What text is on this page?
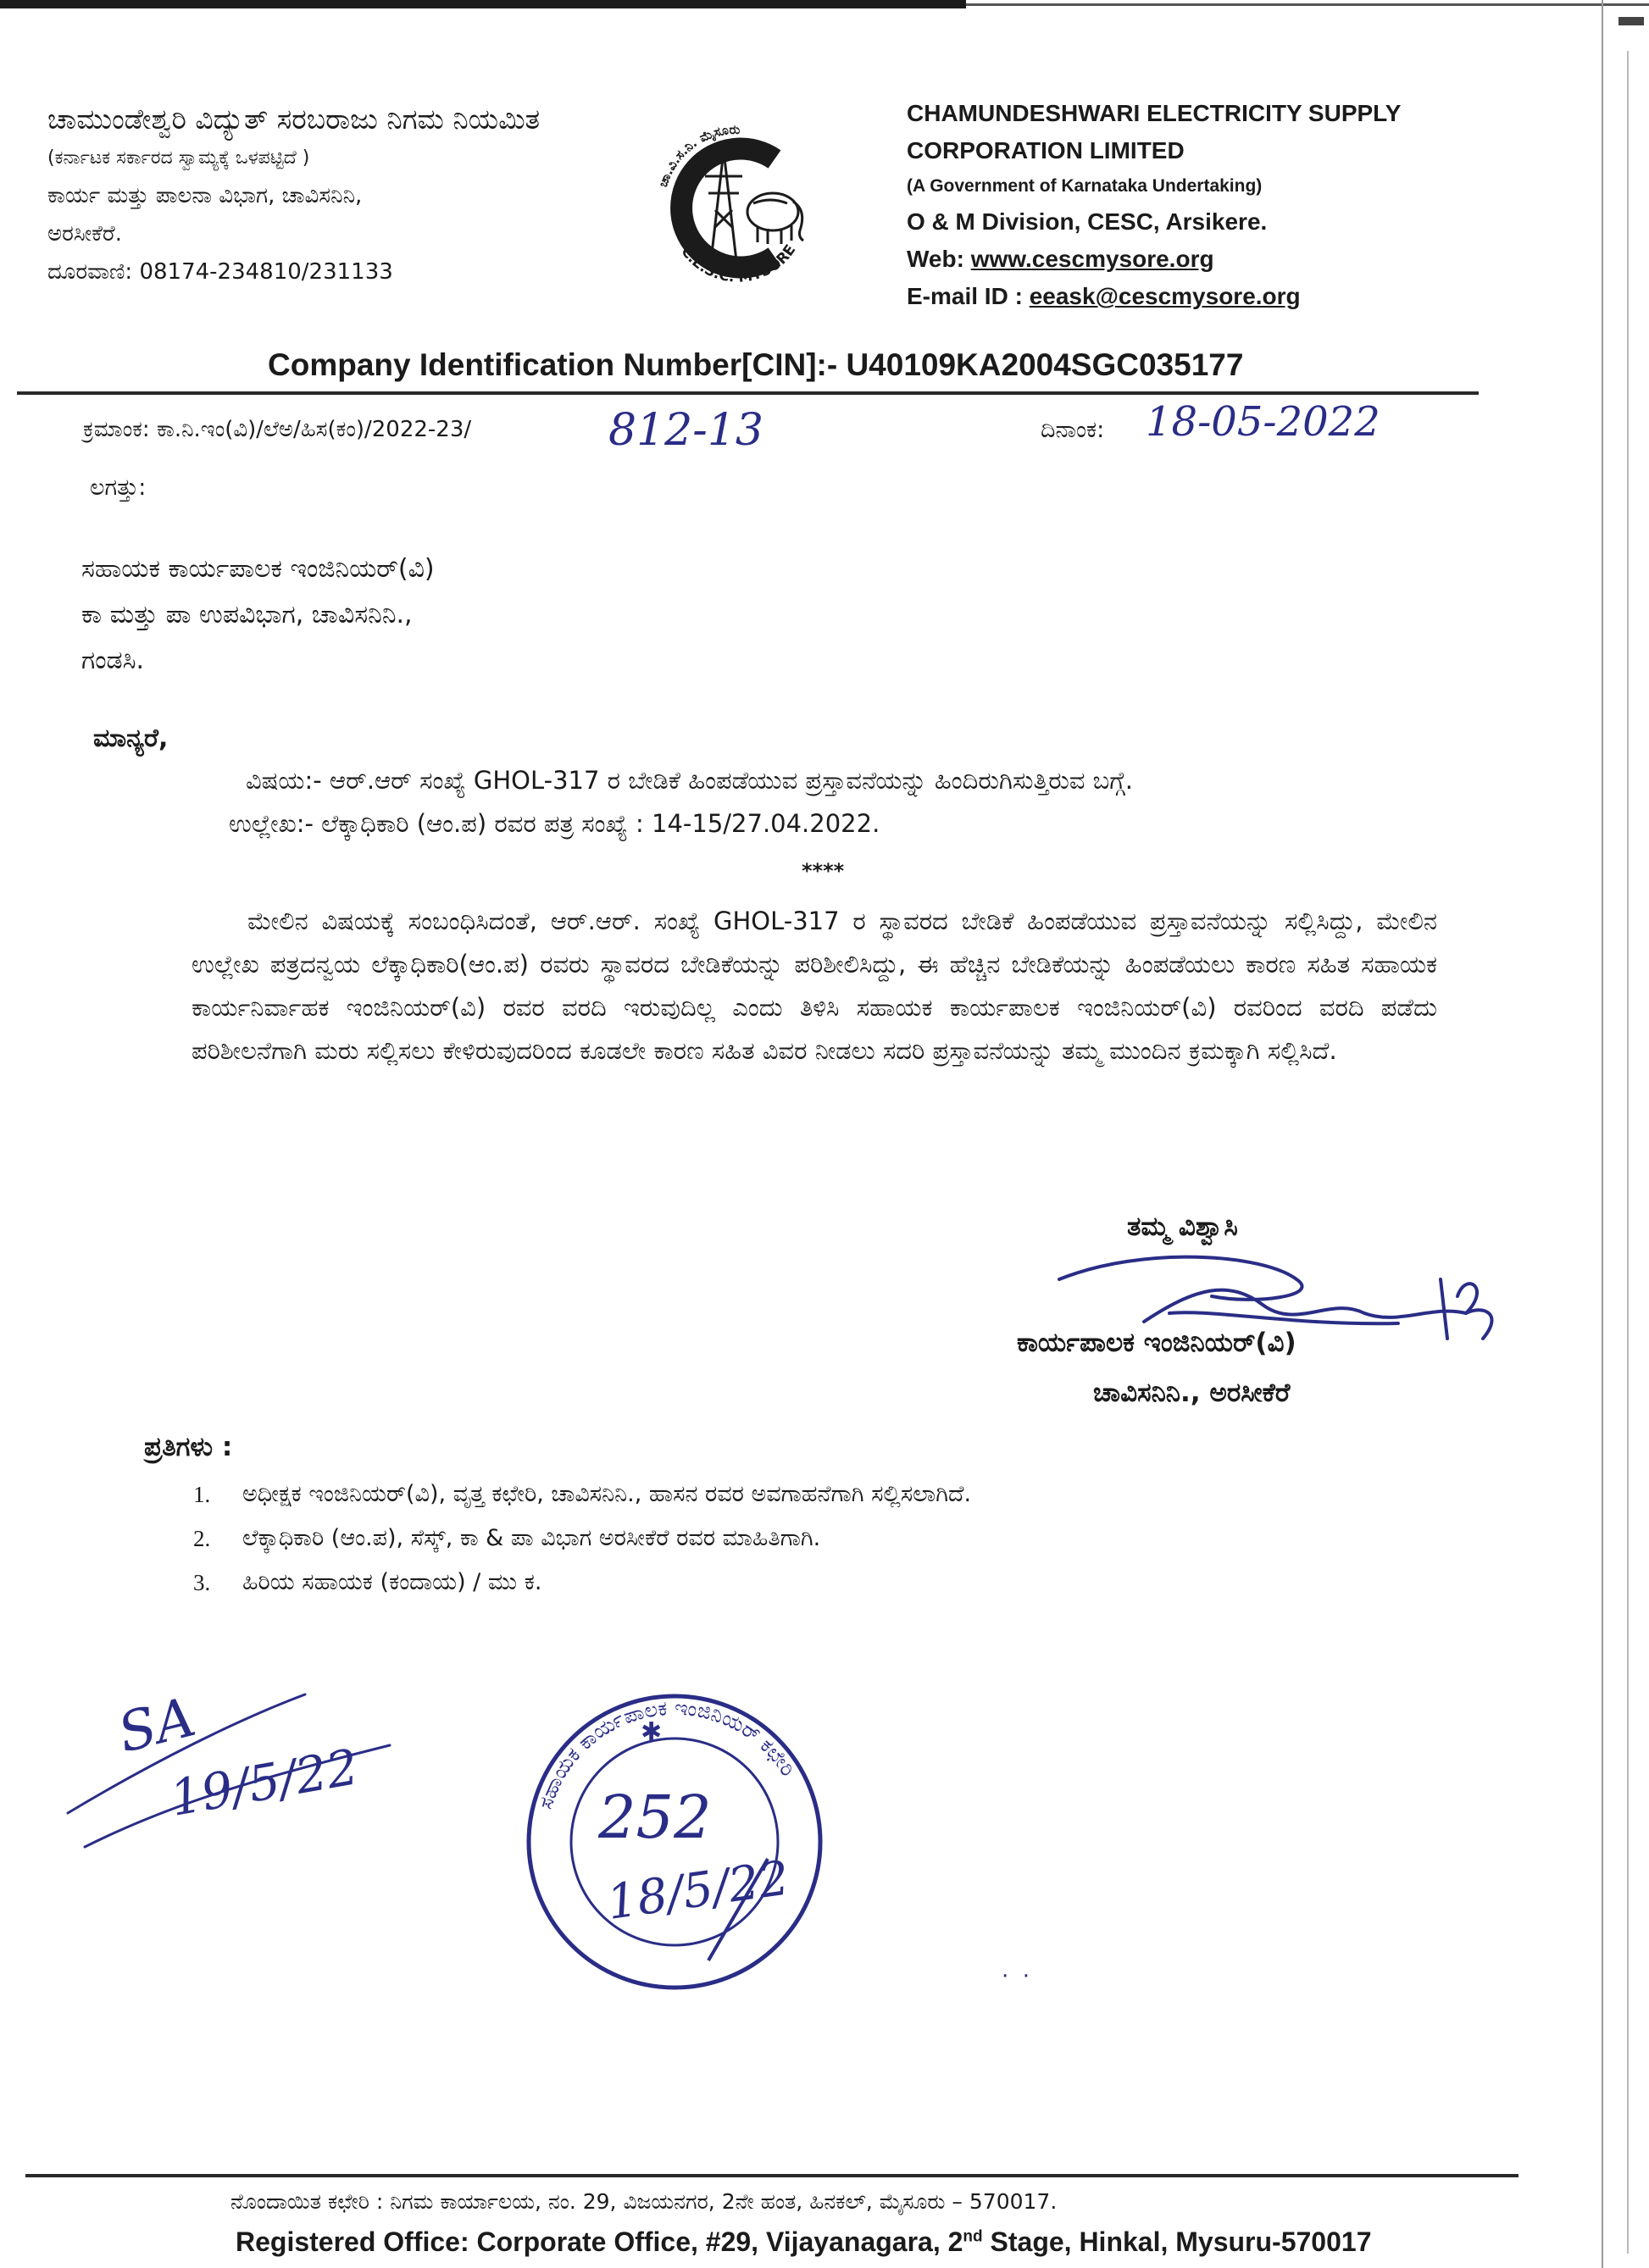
ಚಾಮುಂಡೇಶ್ವರಿ ವಿದ್ಯುತ್ ಸರಬರಾಜು ನಿಗಮ ನಿಯಮಿತ
(ಕರ್ನಾಟಕ ಸರ್ಕಾರದ ಸ್ವಾಮ್ಯಕ್ಕೆ ಒಳಪಟ್ಟಿದೆ )
ಕಾರ್ಯ ಮತ್ತು ಪಾಲನಾ ವಿಭಾಗ, ಚಾವಿಸನಿನಿ,
ಅರಸೀಕೆರೆ.
ದೂರವಾಣಿ: 08174-234810/231133
ಚಾ.ವಿ.ಸ.ನಿ. ಮೈಸೂರು
C.E.S.C. MYSORE
CHAMUNDESHWARI ELECTRICITY SUPPLY
CORPORATION LIMITED
(A Government of Karnataka Undertaking)
O & M Division, CESC, Arsikere.
Web: www.cescmysore.org
E-mail ID : eeask@cescmysore.org
Company Identification Number[CIN]:- U40109KA2004SGC035177
ಕ್ರಮಾಂಕ: ಕಾ.ನಿ.ಇಂ(ವಿ)/ಲೆಅ/ಹಿಸ(ಕಂ)/2022-23/	812-13	ದಿನಾಂಕ: 18-05-2022
ಲಗತ್ತು:
ಸಹಾಯಕ ಕಾರ್ಯಪಾಲಕ ಇಂಜಿನಿಯರ್(ವಿ)
ಕಾ ಮತ್ತು ಪಾ ಉಪವಿಭಾಗ, ಚಾವಿಸನಿನಿ.,
ಗಂಡಸಿ.
ಮಾನ್ಯರೆ,
ವಿಷಯ:- ಆರ್.ಆರ್ ಸಂಖ್ಯೆ GHOL-317 ರ ಬೇಡಿಕೆ ಹಿಂಪಡೆಯುವ ಪ್ರಸ್ತಾವನೆಯನ್ನು ಹಿಂದಿರುಗಿಸುತ್ತಿರುವ ಬಗ್ಗೆ.
ಉಲ್ಲೇಖ:- ಲೆಕ್ಕಾಧಿಕಾರಿ (ಆಂ.ಪ) ರವರ ಪತ್ರ ಸಂಖ್ಯೆ : 14-15/27.04.2022.
****
ಮೇಲಿನ ವಿಷಯಕ್ಕೆ ಸಂಬಂಧಿಸಿದಂತೆ, ಆರ್.ಆರ್. ಸಂಖ್ಯೆ GHOL-317 ರ ಸ್ಥಾವರದ ಬೇಡಿಕೆ ಹಿಂಪಡೆಯುವ ಪ್ರಸ್ತಾವನೆಯನ್ನು ಸಲ್ಲಿಸಿದ್ದು, ಮೇಲಿನ ಉಲ್ಲೇಖ ಪತ್ರದನ್ವಯ ಲೆಕ್ಕಾಧಿಕಾರಿ(ಆಂ.ಪ) ರವರು ಸ್ಥಾವರದ ಬೇಡಿಕೆಯನ್ನು ಪರಿಶೀಲಿಸಿದ್ದು, ಈ ಹೆಚ್ಚಿನ ಬೇಡಿಕೆಯನ್ನು ಹಿಂಪಡೆಯಲು ಕಾರಣ ಸಹಿತ ಸಹಾಯಕ ಕಾರ್ಯನಿರ್ವಾಹಕ ಇಂಜಿನಿಯರ್(ವಿ) ರವರ ವರದಿ ಇರುವುದಿಲ್ಲ ಎಂದು ತಿಳಿಸಿ ಸಹಾಯಕ ಕಾರ್ಯಪಾಲಕ ಇಂಜಿನಿಯರ್(ವಿ) ರವರಿಂದ ವರದಿ ಪಡೆದು ಪರಿಶೀಲನೆಗಾಗಿ ಮರು ಸಲ್ಲಿಸಲು ಕೇಳಿರುವುದರಿಂದ ಕೂಡಲೇ ಕಾರಣ ಸಹಿತ ವಿವರ ನೀಡಲು ಸದರಿ ಪ್ರಸ್ತಾವನೆಯನ್ನು ತಮ್ಮ ಮುಂದಿನ ಕ್ರಮಕ್ಕಾಗಿ ಸಲ್ಲಿಸಿದೆ.
ತಮ್ಮ ವಿಶ್ವಾಸಿ
ಕಾರ್ಯಪಾಲಕ ಇಂಜಿನಿಯರ್(ವಿ)
ಚಾವಿಸನಿನಿ., ಅರಸೀಕೆರೆ
ಪ್ರತಿಗಳು :
1.	ಅಧೀಕ್ಷಕ ಇಂಜಿನಿಯರ್(ವಿ), ವೃತ್ತ ಕಛೇರಿ, ಚಾವಿಸನಿನಿ., ಹಾಸನ ರವರ ಅವಗಾಹನೆಗಾಗಿ ಸಲ್ಲಿಸಲಾಗಿದೆ.
2.	ಲೆಕ್ಕಾಧಿಕಾರಿ (ಆಂ.ಪ), ಸೆಸ್ಕ್, ಕಾ & ಪಾ ವಿಭಾಗ ಅರಸೀಕೆರೆ ರವರ ಮಾಹಿತಿಗಾಗಿ.
3.	ಹಿರಿಯ ಸಹಾಯಕ (ಕಂದಾಯ) / ಮು ಕ.
SA
19/5/22	ಸಹಾಯಕ ಕಾರ್ಯಪಾಲಕ ಇಂಜಿನಿಯರ್ ಕಛೇರಿ
✱
252
18/5/22
·  ·
ನೊಂದಾಯಿತ ಕಛೇರಿ : ನಿಗಮ ಕಾರ್ಯಾಲಯ, ನಂ. 29, ವಿಜಯನಗರ, 2ನೇ ಹಂತ, ಹಿನಕಲ್, ಮೈಸೂರು – 570017.
Registered Office: Corporate Office, #29, Vijayanagara, 2nd Stage, Hinkal, Mysuru-570017
